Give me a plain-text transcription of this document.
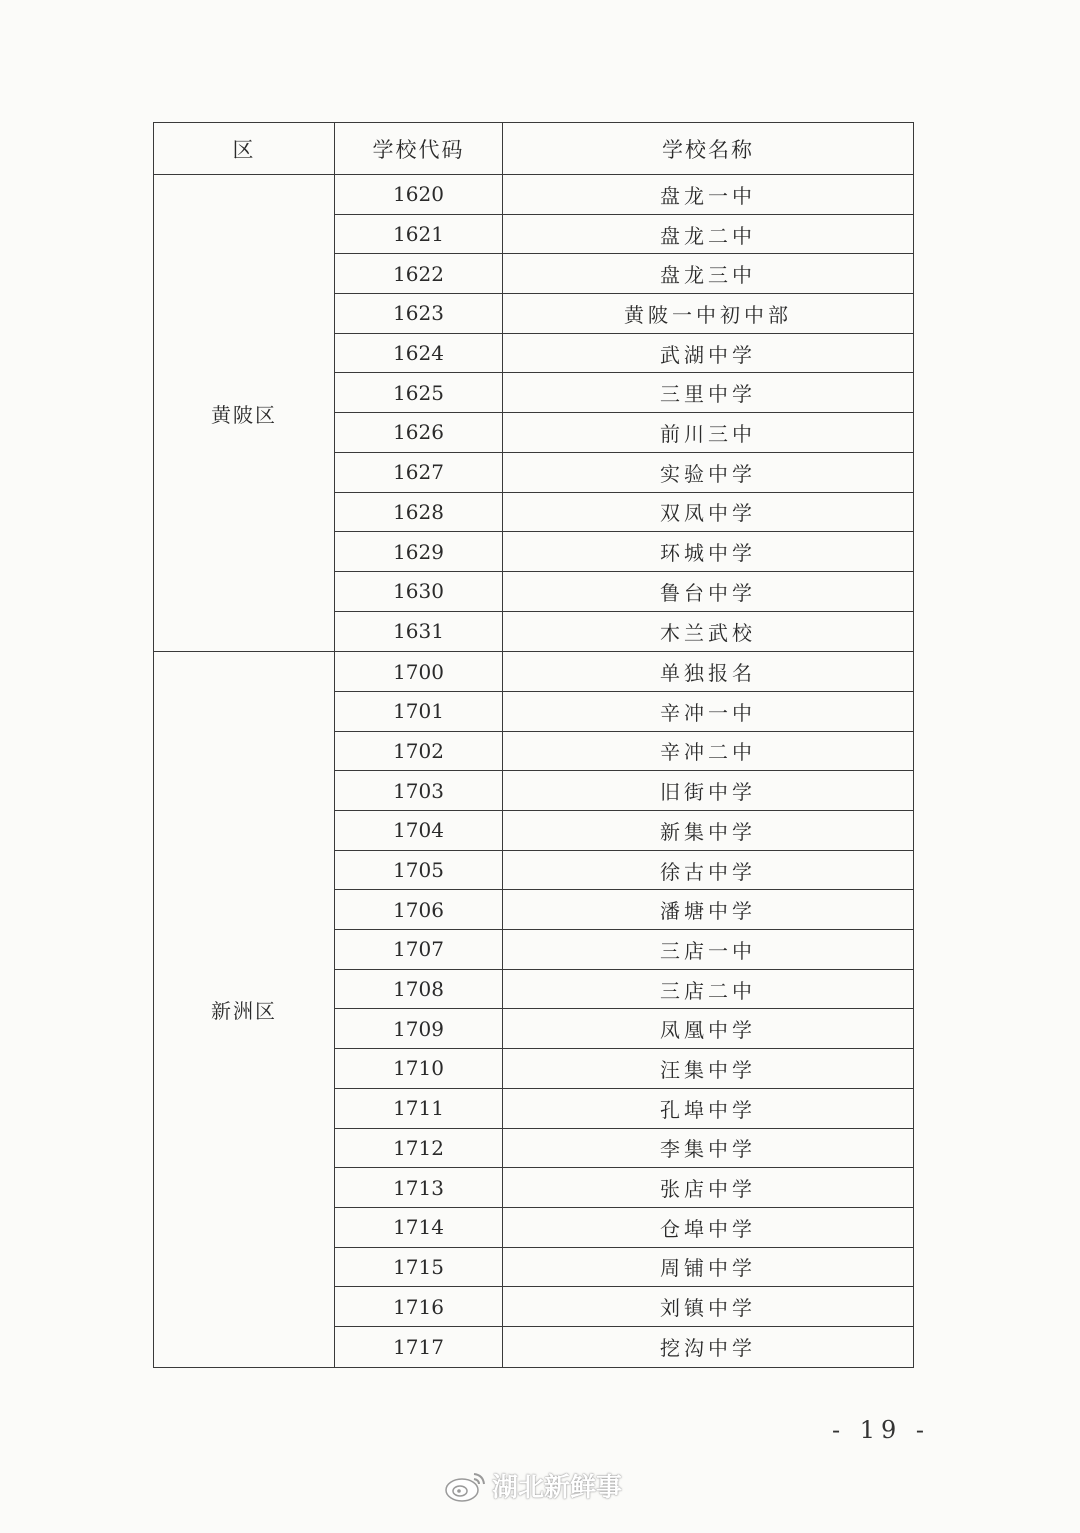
区	学校代码	学校名称
黄陂区
1620	盘龙一中
1621	盘龙二中
1622	盘龙三中
1623	黄陂一中初中部
1624	武湖中学
1625	三里中学
1626	前川三中
1627	实验中学
1628	双凤中学
1629	环城中学
1630	鲁台中学
1631	木兰武校
新洲区
1700	单独报名
1701	辛冲一中
1702	辛冲二中
1703	旧街中学
1704	新集中学
1705	徐古中学
1706	潘塘中学
1707	三店一中
1708	三店二中
1709	凤凰中学
1710	汪集中学
1711	孔埠中学
1712	李集中学
1713	张店中学
1714	仓埠中学
1715	周铺中学
1716	刘镇中学
1717	挖沟中学
- 19 -
湖北新鲜事
